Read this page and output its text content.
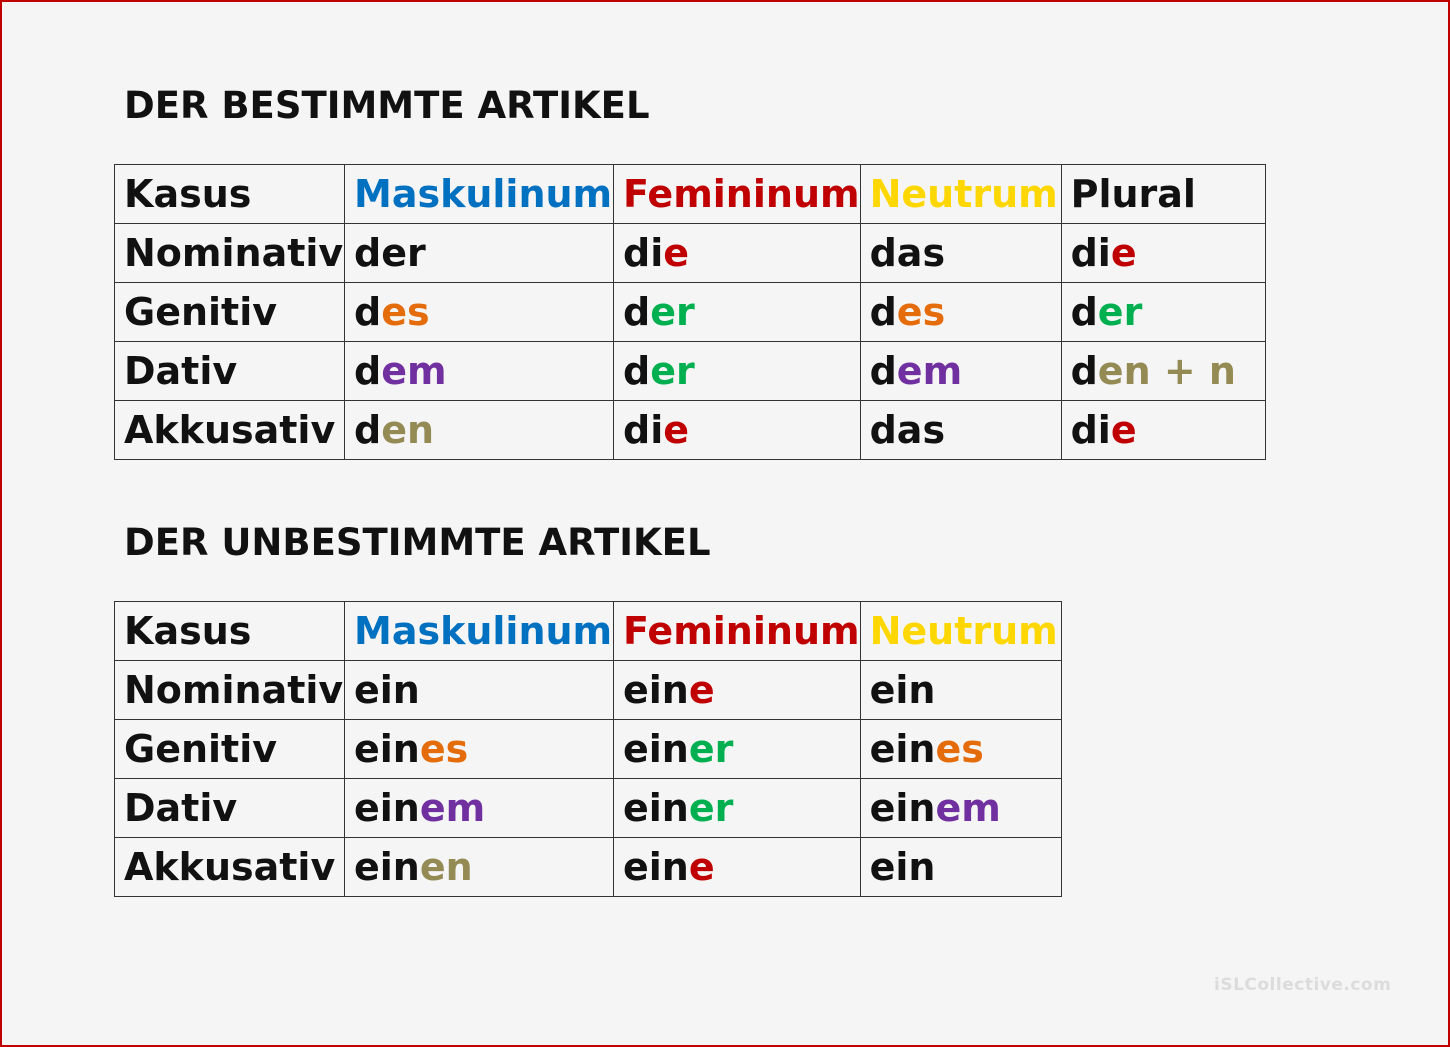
DER BESTIMMTE ARTIKEL
Kasus	Maskulinum	Femininum	Neutrum	Plural
Nominativ	der	die	das	die
Genitiv	des	der	des	der
Dativ	dem	der	dem	den + n
Akkusativ	den	die	das	die
DER UNBESTIMMTE ARTIKEL
Kasus	Maskulinum	Femininum	Neutrum
Nominativ	ein	eine	ein
Genitiv	eines	einer	eines
Dativ	einem	einer	einem
Akkusativ	einen	eine	ein
iSLCollective.com
